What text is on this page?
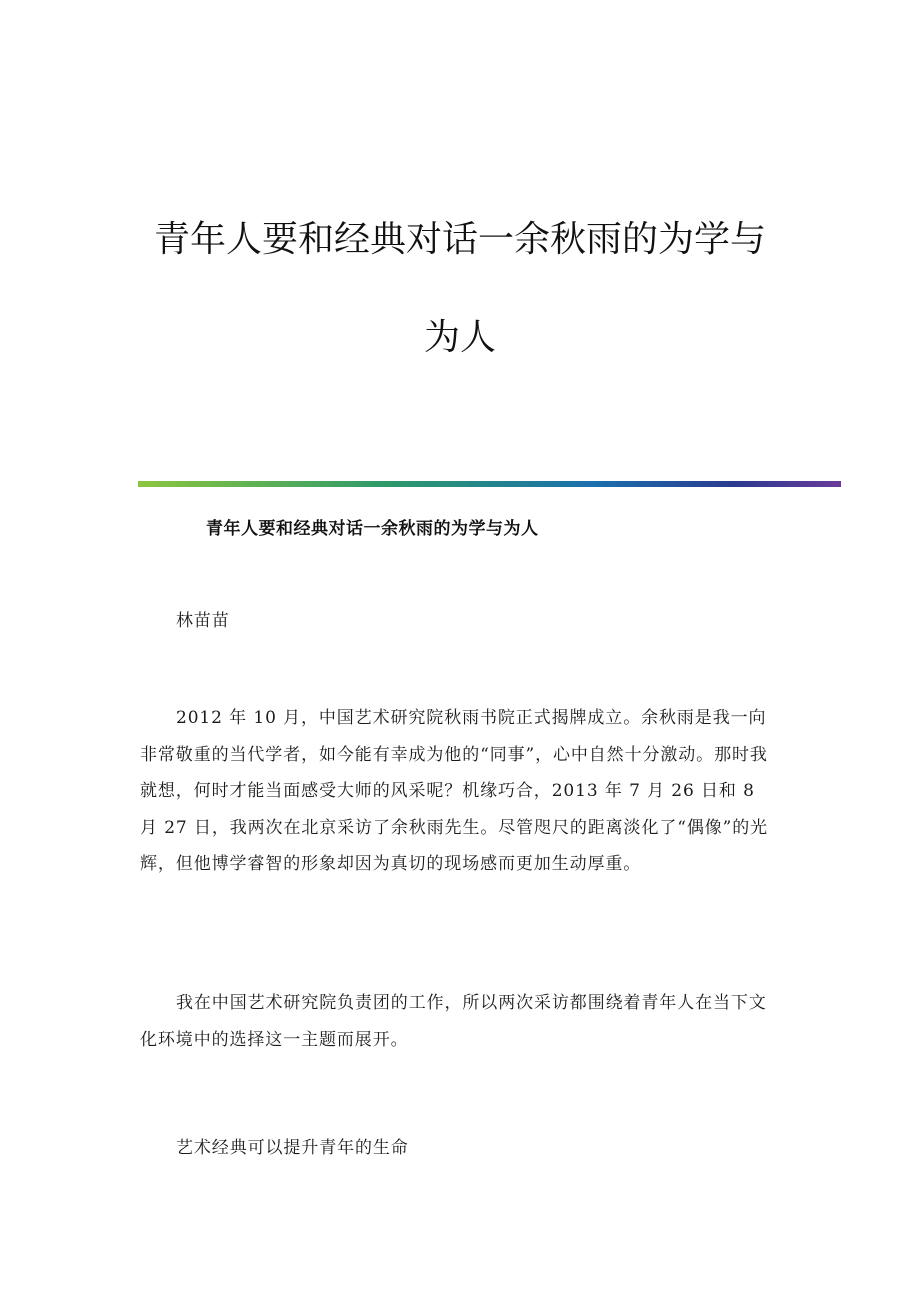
青年人要和经典对话一余秋雨的为学与
为人
青年人要和经典对话一余秋雨的为学与为人

林苗苗

2012 年 10 月，中国艺术研究院秋雨书院正式揭牌成立。余秋雨是我一向非常敬重的当代学者，如今能有幸成为他的“同事”，心中自然十分激动。那时我就想，何时才能当面感受大师的风采呢？机缘巧合，2013 年 7 月 26 日和 8 月 27 日，我两次在北京采访了余秋雨先生。尽管咫尺的距离淡化了“偶像”的光辉，但他博学睿智的形象却因为真切的现场感而更加生动厚重。

我在中国艺术研究院负责团的工作，所以两次采访都围绕着青年人在当下文化环境中的选择这一主题而展开。

艺术经典可以提升青年的生命
